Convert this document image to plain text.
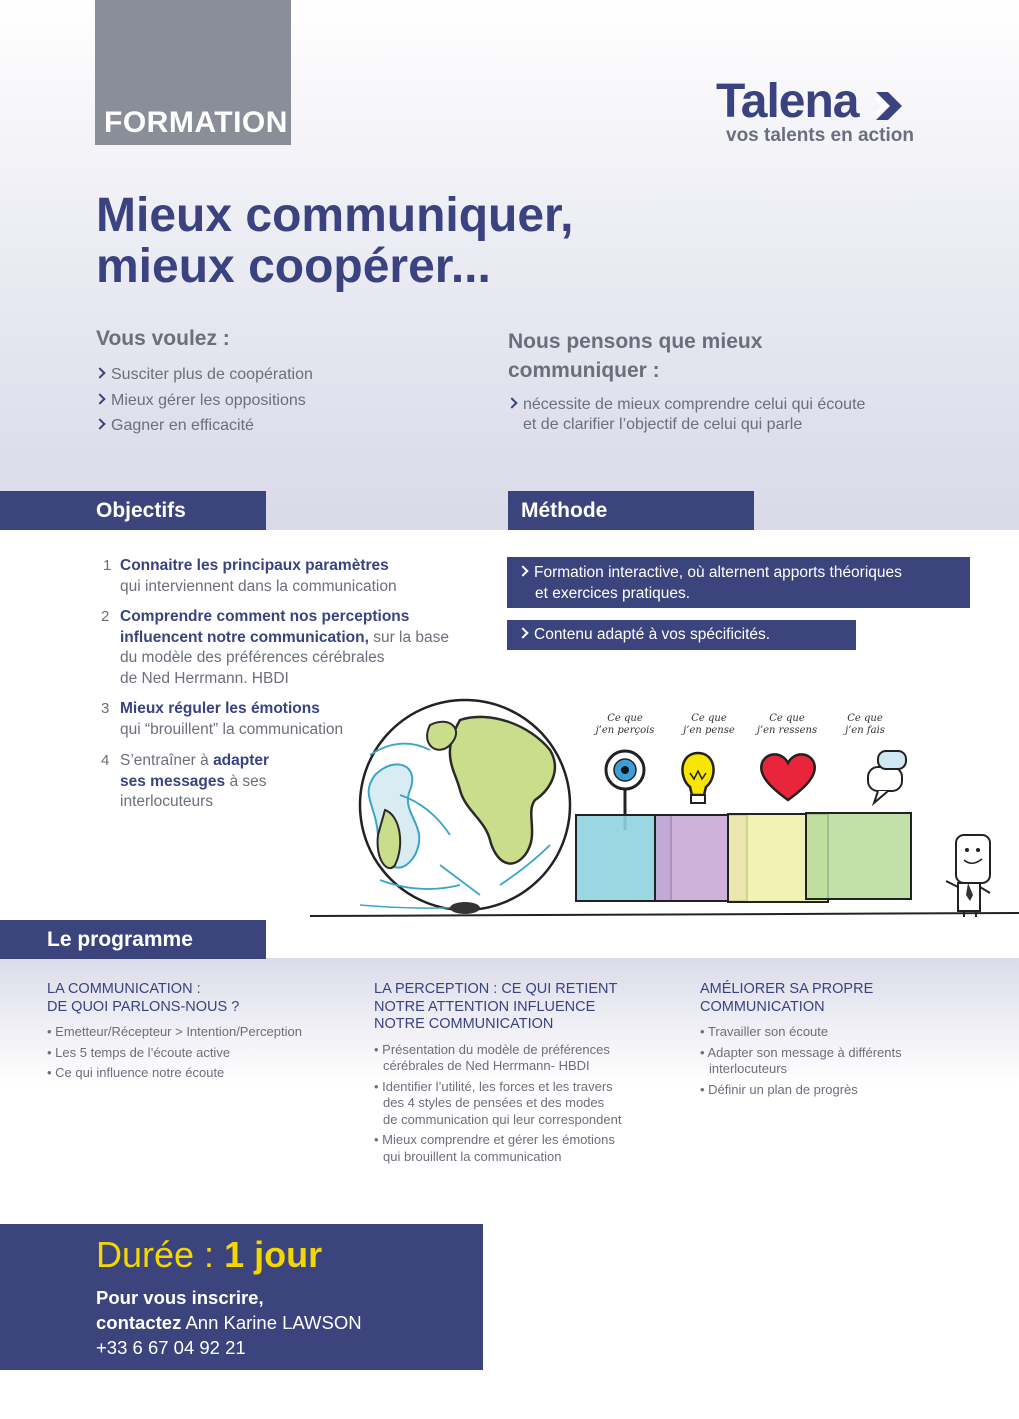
FORMATION	Talena
vos talents en action
Mieux communiquer,
mieux coopérer...
Vous voulez :
Susciter plus de coopération
Mieux gérer les oppositions
Gagner en efficacité
Nous pensons que mieux communiquer :
nécessite de mieux comprendre celui qui écoute
et de clarifier l’objectif de celui qui parle
Objectifs	Méthode
1 Connaitre les principaux paramètres
qui interviennent dans la communication
2 Comprendre comment nos perceptions
influencent notre communication, sur la base
du modèle des préférences cérébrales
de Ned Herrmann. HBDI
3 Mieux réguler les émotions
qui “brouillent” la communication
4 S’entraîner à adapter
ses messages à ses
interlocuteurs
Formation interactive, où alternent apports théoriques
et exercices pratiques.
Contenu adapté à vos spécificités.
Ce que
j’en perçois
Ce que
j’en pense
Ce que
j’en ressens
Ce que
j’en fais
Le programme
LA COMMUNICATION :
DE QUOI PARLONS-NOUS ?
• Emetteur/Récepteur > Intention/Perception
• Les 5 temps de l’écoute active
• Ce qui influence notre écoute
LA PERCEPTION : CE QUI RETIENT
NOTRE ATTENTION INFLUENCE
NOTRE COMMUNICATION
• Présentation du modèle de préférences
cérébrales de Ned Herrmann- HBDI
• Identifier l’utilité, les forces et les travers
des 4 styles de pensées et des modes
de communication qui leur correspondent
• Mieux comprendre et gérer les émotions
qui brouillent la communication
AMÉLIORER SA PROPRE
COMMUNICATION
• Travailler son écoute
• Adapter son message à différents
interlocuteurs
• Définir un plan de progrès
Durée : 1 jour
Pour vous inscrire,
contactez Ann Karine LAWSON
+33 6 67 04 92 21
